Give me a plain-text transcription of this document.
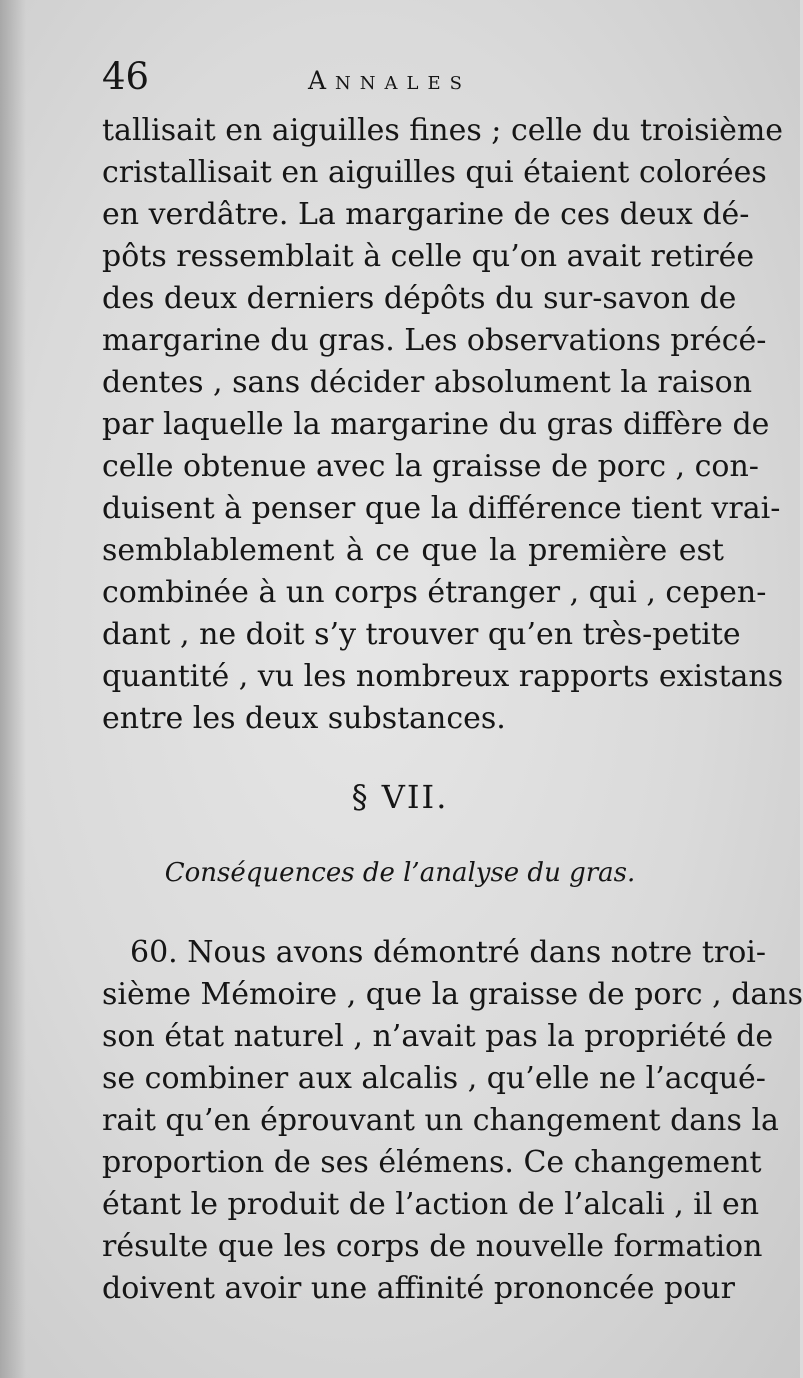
46	Annales
tallisait en aiguilles fines ; celle du troisième
cristallisait en aiguilles qui étaient colorées
en verdâtre. La margarine de ces deux dé-
pôts ressemblait à celle qu’on avait retirée
des deux derniers dépôts du sur-savon de
margarine du gras. Les observations précé-
dentes , sans décider absolument la raison
par laquelle la margarine du gras diffère de
celle obtenue avec la graisse de porc , con-
duisent à penser que la différence tient vrai-
semblablement à ce que la première est
combinée à un corps étranger , qui , cepen-
dant , ne doit s’y trouver qu’en très-petite
quantité , vu les nombreux rapports existans
entre les deux substances.
§ VII.
Conséquences de l’analyse du gras.
60. Nous avons démontré dans notre troi-
sième Mémoire , que la graisse de porc , dans
son état naturel , n’avait pas la propriété de
se combiner aux alcalis , qu’elle ne l’acqué-
rait qu’en éprouvant un changement dans la
proportion de ses élémens. Ce changement
étant le produit de l’action de l’alcali , il en
résulte que les corps de nouvelle formation
doivent avoir une affinité prononcée pour
